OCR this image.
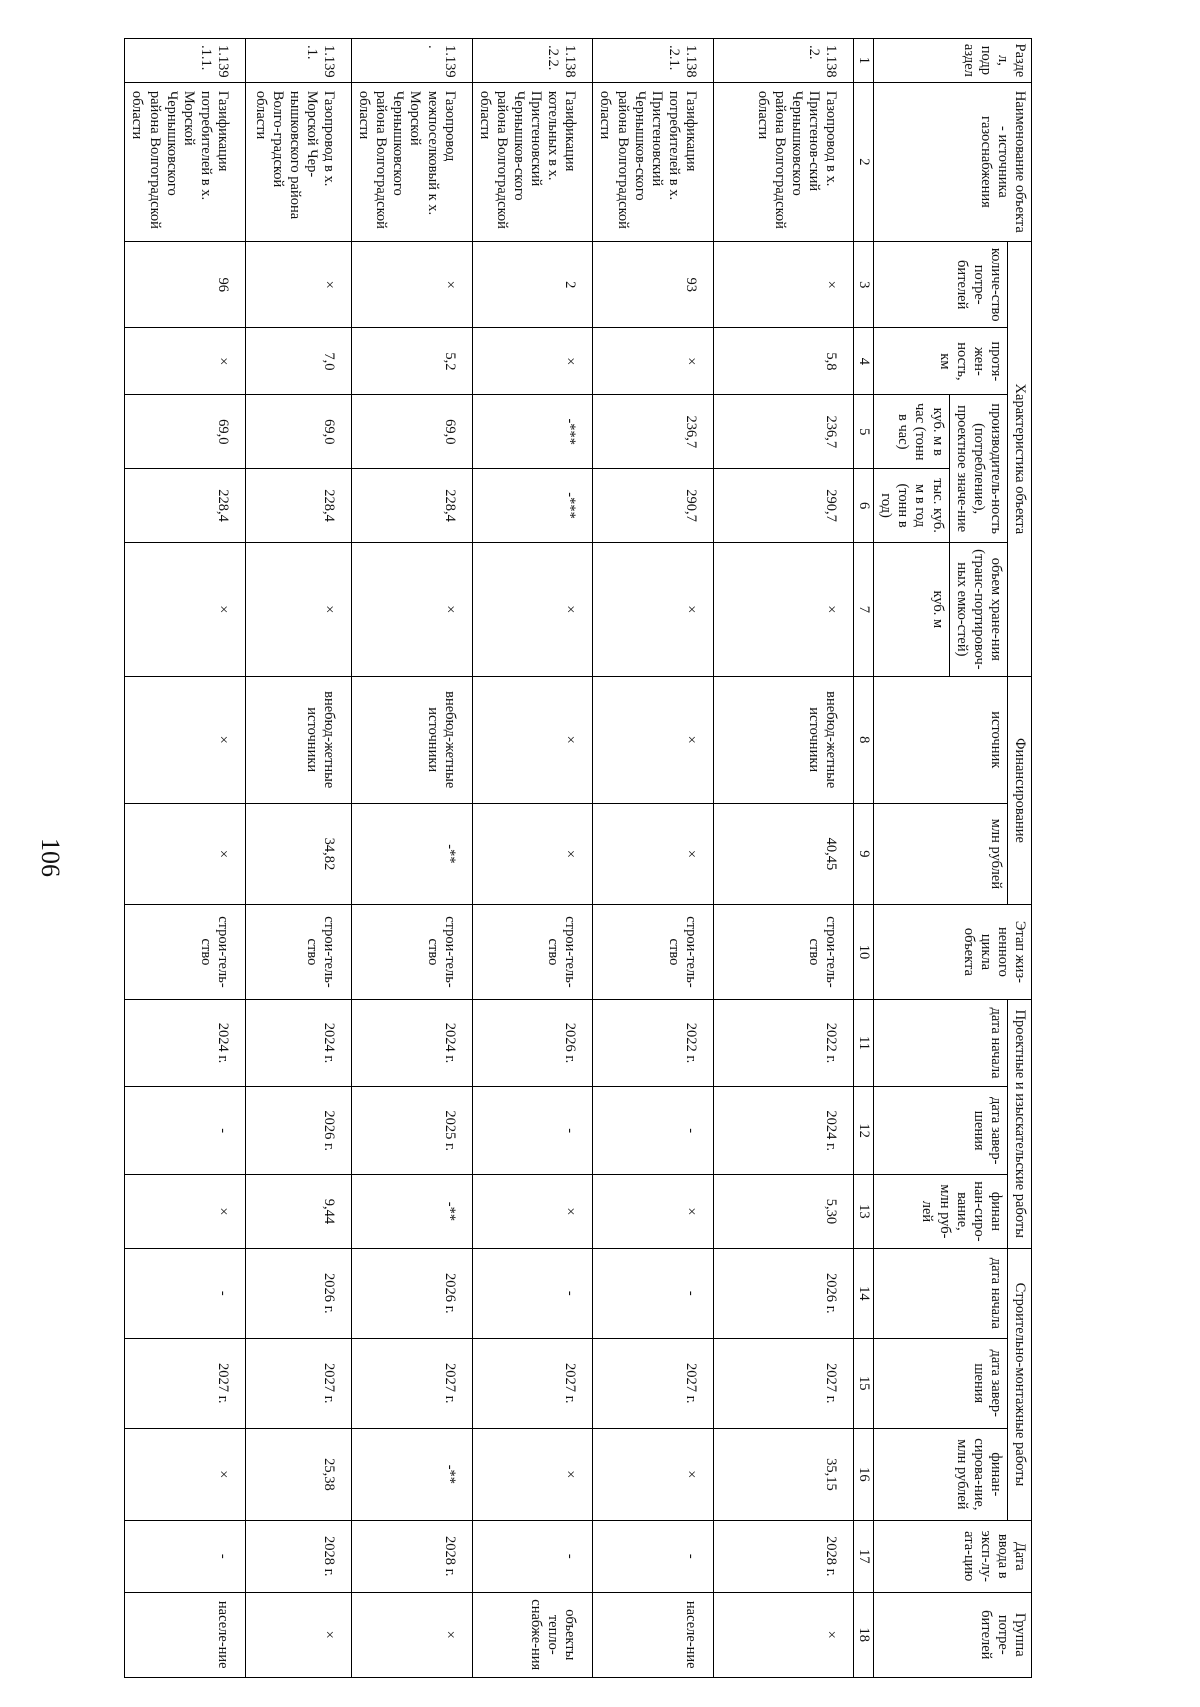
106
Раздел, подраздел	Наименование объекта - источника газоснабжения	Характеристика объекта					Финансирование		Этап жиз-ненного цикла объекта	Проектные и изыскательские работы			Строительно-монтажные работы			Дата ввода в эксп-лу-ата-цию	Группа потре-бителей
		количе-ство потре-бителей	протя-жен-ность, км	производитель-ность (потребление), проектное значе-ние		объем хране-ния (транс-портировоч-ных емко-стей)	источник	млн рублей		дата начала	дата завер-шения	финан нан-сиро-вание, млн руб-лей	дата начала	дата завер-шения	финан-сирова-ние, млн рублей		
				куб. м в час (тонн в час)	тыс. куб. м в год (тонн в год)	куб. м											
1	2	3	4	5	6	7	8	9	10	11	12	13	14	15	16	17	18
1.138.2.	Газопровод в х. Пристенов-ский Чернышковского района Волгоградской области	×	5,8	236,7	290,7	×	внебюд-жетные источники	40,45	строи-тель-ство	2022 г.	2024 г.	5,30	2026 г.	2027 г.	35,15	2028 г.	×
1.138.2.1.	Газификация потребителей в х. Пристеновский Чернышков-ского района Волгоградской области	93	×	236,7	290,7	×	×	×	строи-тель-ство	2022 г.	-	×	-	2027 г.	×	-	населе-ние
1.138.2.2.	Газификация котельных в х. Пристеновский Чернышков-ского района Волгоградской области	2	×	-***	-***	×	×	×	строи-тель-ство	2026 г.	-	×	-	2027 г.	×	-	объекты тепло-снабже-ния
1.139.	Газопровод межпоселковый к х. Морской Чернышковского района Волгоградской области	×	5,2	69,0	228,4	×	внебюд-жетные источники	-**	строи-тель-ство	2024 г.	2025 г.	-**	2026 г.	2027 г.	-**	2028 г.	×
1.139.1.	Газопровод в х. Морской Чер-нышковского района Волго-градской области	×	7,0	69,0	228,4	×	внебюд-жетные источники	34,82	строи-тель-ство	2024 г.	2026 г.	9,44	2026 г.	2027 г.	25,38	2028 г.	×
1.139.1.1.	Газификация потребителей в х. Морской Чернышковского района Волгоградской области	96	×	69,0	228,4	×	×	×	строи-тель-ство	2024 г.	-	×	-	2027 г.	×	-	населе-ние
